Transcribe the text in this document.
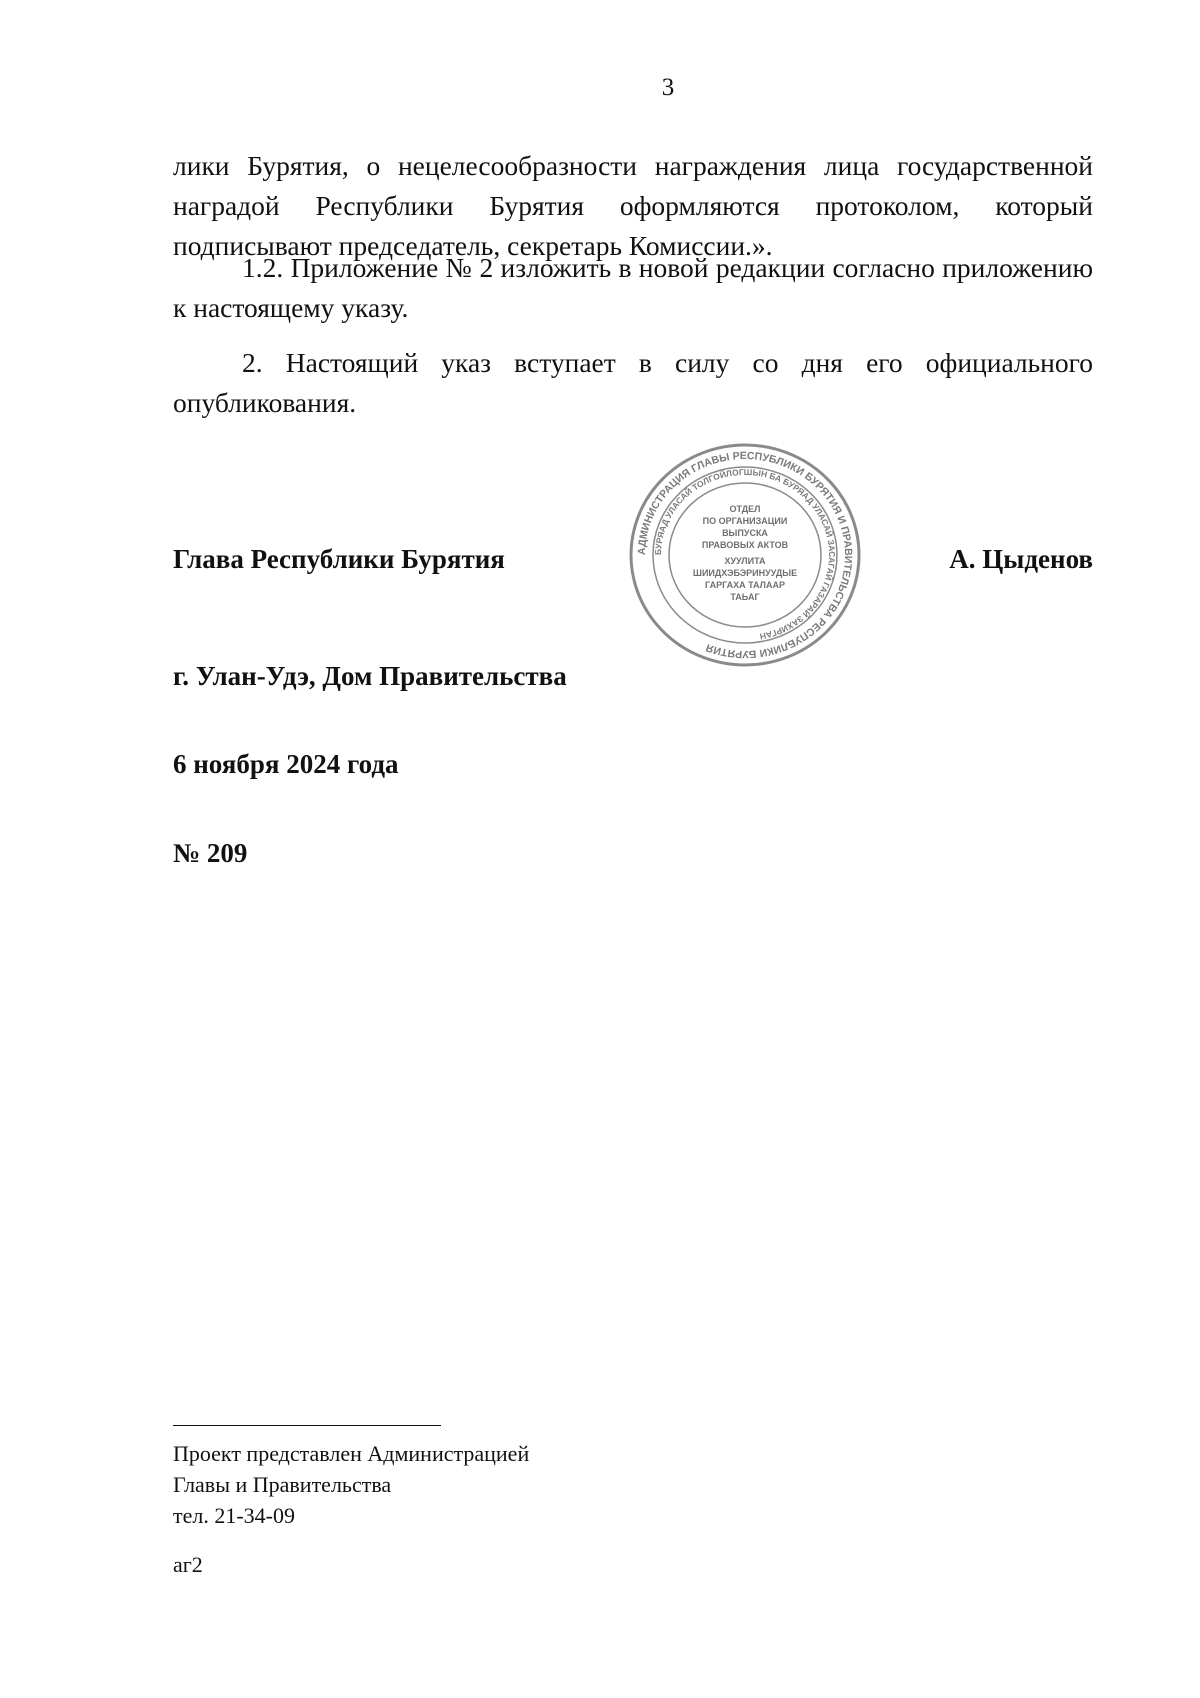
3
лики Бурятия, о нецелесообразности награждения лица государственной наградой Республики Бурятия оформляются протоколом, который подписывают председатель, секретарь Комиссии.».
1.2. Приложение № 2 изложить в новой редакции согласно приложению к настоящему указу.
2. Настоящий указ вступает в силу со дня его официального опубликования.
Глава Республики Бурятия	А. Цыденов
АДМИНИСТРАЦИЯ ГЛАВЫ РЕСПУБЛИКИ БУРЯТИЯ И ПРАВИТЕЛЬСТВА РЕСПУБЛИКИ БУРЯТИЯ
БУРЯАД УЛАСАЙ ТОЛГОЙЛОГШЫН БА БУРЯАД УЛАСАЙ ЗАСАГАЙ ГАЗАРАЙ ЗАХИРГАН
ОТДЕЛ
ПО ОРГАНИЗАЦИИ
ВЫПУСКА
ПРАВОВЫХ АКТОВ
ХУУЛИТА
ШИИДХЭБЭРИНУУДЫЕ
ГАРГАХА ТАЛААР
ТАЬАГ
г. Улан-Удэ, Дом Правительства
6 ноября 2024 года
№ 209
Проект представлен Администрацией
Главы и Правительства
тел. 21-34-09
аг2
